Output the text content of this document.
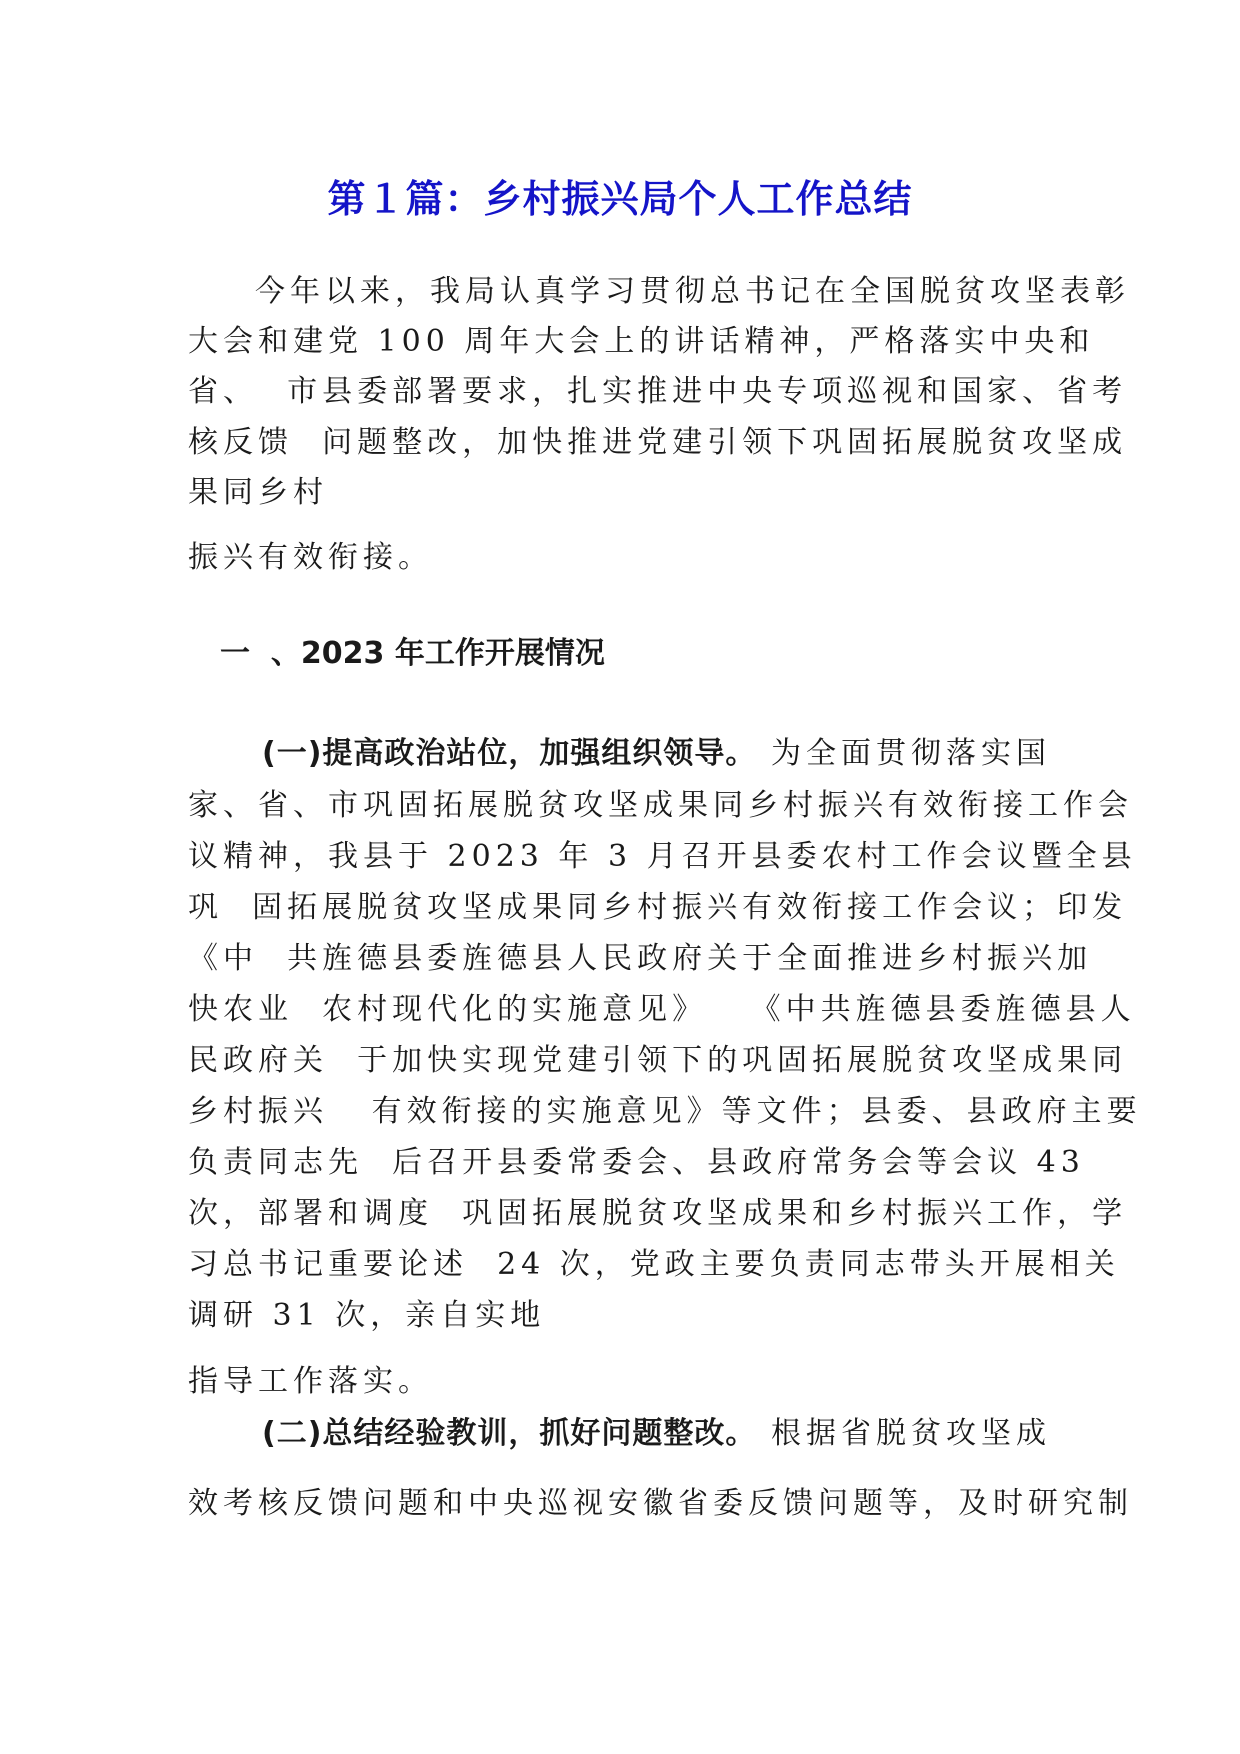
第１篇：乡村振兴局个人工作总结
今年以来，我局认真学习贯彻总书记在全国脱贫攻坚表彰
大会和建党 100 周年大会上的讲话精神，严格落实中央和
省、  市县委部署要求，扎实推进中央专项巡视和国家、省考
核反馈  问题整改，加快推进党建引领下巩固拓展脱贫攻坚成
果同乡村
振兴有效衔接。
一  、2023 年工作开展情况
(一)提高政治站位，加强组织领导。 为全面贯彻落实国
家、省、市巩固拓展脱贫攻坚成果同乡村振兴有效衔接工作会
议精神，我县于 2023 年 3 月召开县委农村工作会议暨全县
巩  固拓展脱贫攻坚成果同乡村振兴有效衔接工作会议；印发
《中  共旌德县委旌德县人民政府关于全面推进乡村振兴加
快农业  农村现代化的实施意见》   《中共旌德县委旌德县人
民政府关  于加快实现党建引领下的巩固拓展脱贫攻坚成果同
乡村振兴   有效衔接的实施意见》等文件；县委、县政府主要
负责同志先  后召开县委常委会、县政府常务会等会议 43
次，部署和调度  巩固拓展脱贫攻坚成果和乡村振兴工作，学
习总书记重要论述  24 次，党政主要负责同志带头开展相关
调研 31 次，亲自实地
指导工作落实。
(二)总结经验教训，抓好问题整改。 根据省脱贫攻坚成
效考核反馈问题和中央巡视安徽省委反馈问题等，及时研究制
